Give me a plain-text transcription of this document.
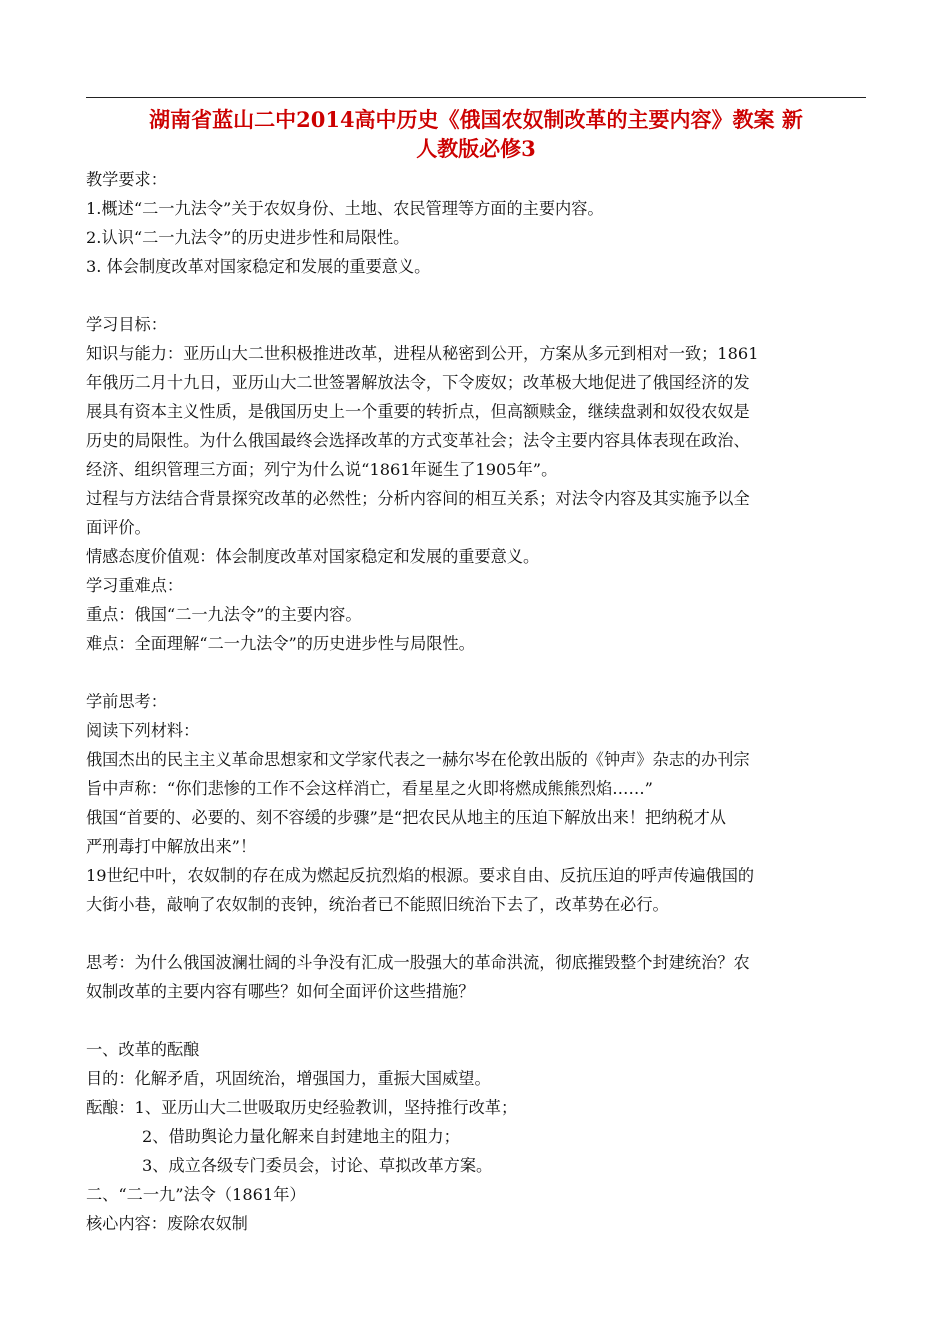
湖南省蓝山二中2014高中历史《俄国农奴制改革的主要内容》教案 新
人教版必修3
教学要求：
1.概述“二一九法令”关于农奴身份、土地、农民管理等方面的主要内容。
2.认识“二一九法令”的历史进步性和局限性。
3. 体会制度改革对国家稳定和发展的重要意义。
学习目标：
知识与能力：亚历山大二世积极推进改革，进程从秘密到公开，方案从多元到相对一致；1861
年俄历二月十九日，亚历山大二世签署解放法令，下令废奴；改革极大地促进了俄国经济的发
展具有资本主义性质，是俄国历史上一个重要的转折点，但高额赎金，继续盘剥和奴役农奴是
历史的局限性。为什么俄国最终会选择改革的方式变革社会；法令主要内容具体表现在政治、
经济、组织管理三方面；列宁为什么说“1861年诞生了1905年”。
过程与方法结合背景探究改革的必然性；分析内容间的相互关系；对法令内容及其实施予以全
面评价。
情感态度价值观：体会制度改革对国家稳定和发展的重要意义。
学习重难点：
重点：俄国“二一九法令”的主要内容。
难点：全面理解“二一九法令”的历史进步性与局限性。
学前思考：
阅读下列材料：
俄国杰出的民主主义革命思想家和文学家代表之一赫尔岑在伦敦出版的《钟声》杂志的办刊宗
旨中声称：“你们悲惨的工作不会这样消亡，看星星之火即将燃成熊熊烈焰……”
俄国“首要的、必要的、刻不容缓的步骤”是“把农民从地主的压迫下解放出来！把纳税才从
严刑毒打中解放出来”！
19世纪中叶，农奴制的存在成为燃起反抗烈焰的根源。要求自由、反抗压迫的呼声传遍俄国的
大街小巷，敲响了农奴制的丧钟，统治者已不能照旧统治下去了，改革势在必行。
思考：为什么俄国波澜壮阔的斗争没有汇成一股强大的革命洪流，彻底摧毁整个封建统治？农
奴制改革的主要内容有哪些？如何全面评价这些措施？
一、改革的酝酿
目的：化解矛盾，巩固统治，增强国力，重振大国威望。
酝酿：1、亚历山大二世吸取历史经验教训，坚持推行改革；
2、借助舆论力量化解来自封建地主的阻力；
3、成立各级专门委员会，讨论、草拟改革方案。
二、“二一九”法令（1861年）
核心内容：废除农奴制
